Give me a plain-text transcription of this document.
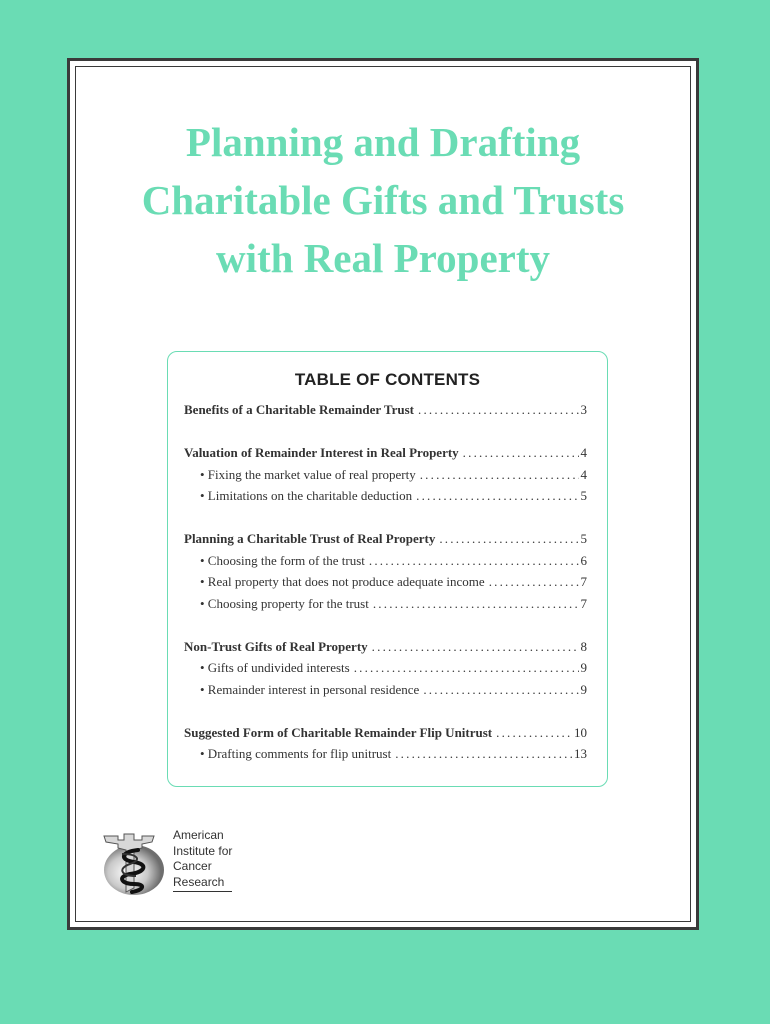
Planning and Drafting
Charitable Gifts and Trusts
with Real Property
TABLE OF CONTENTS
Benefits of a Charitable Remainder Trust .....	3
Valuation of Remainder Interest in Real Property .....	4
• Fixing the market value of real property .....	4
• Limitations on the charitable deduction .....	5
Planning a Charitable Trust of Real Property .....	5
• Choosing the form of the trust .....	6
• Real property that does not produce adequate income .....	7
• Choosing property for the trust .....	7
Non-Trust Gifts of Real Property .....	8
• Gifts of undivided interests .....	9
• Remainder interest in personal residence .....	9
Suggested Form of Charitable Remainder Flip Unitrust .....	10
• Drafting comments for flip unitrust .....	13
American
Institute for
Cancer
Research
